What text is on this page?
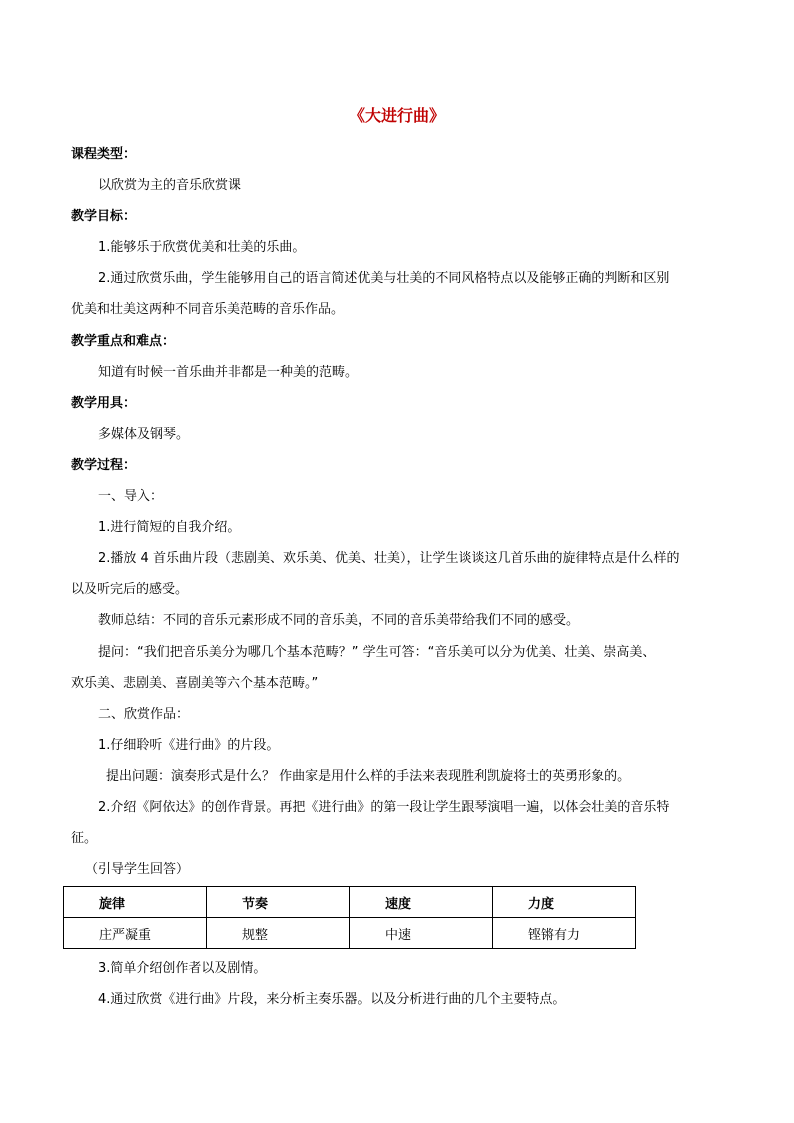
《大进行曲》
课程类型：
以欣赏为主的音乐欣赏课
教学目标：
1.能够乐于欣赏优美和壮美的乐曲。
2.通过欣赏乐曲，学生能够用自己的语言简述优美与壮美的不同风格特点以及能够正确的判断和区别
优美和壮美这两种不同音乐美范畴的音乐作品。
教学重点和难点：
知道有时候一首乐曲并非都是一种美的范畴。
教学用具：
多媒体及钢琴。
教学过程：
一、导入：
1.进行简短的自我介绍。
2.播放 4 首乐曲片段（悲剧美、欢乐美、优美、壮美），让学生谈谈这几首乐曲的旋律特点是什么样的
以及听完后的感受。
教师总结：不同的音乐元素形成不同的音乐美，不同的音乐美带给我们不同的感受。
提问：“我们把音乐美分为哪几个基本范畴？” 学生可答：“音乐美可以分为优美、壮美、崇高美、
欢乐美、悲剧美、喜剧美等六个基本范畴。”
二、欣赏作品：
1.仔细聆听《进行曲》的片段。
提出问题：演奏形式是什么？ 作曲家是用什么样的手法来表现胜利凯旋将士的英勇形象的。
2.介绍《阿依达》的创作背景。再把《进行曲》的第一段让学生跟琴演唱一遍，以体会壮美的音乐特
征。
（引导学生回答）
旋律	节奏	速度	力度
庄严凝重	规整	中速	铿锵有力
3.简单介绍创作者以及剧情。
4.通过欣赏《进行曲》片段，来分析主奏乐器。以及分析进行曲的几个主要特点。
